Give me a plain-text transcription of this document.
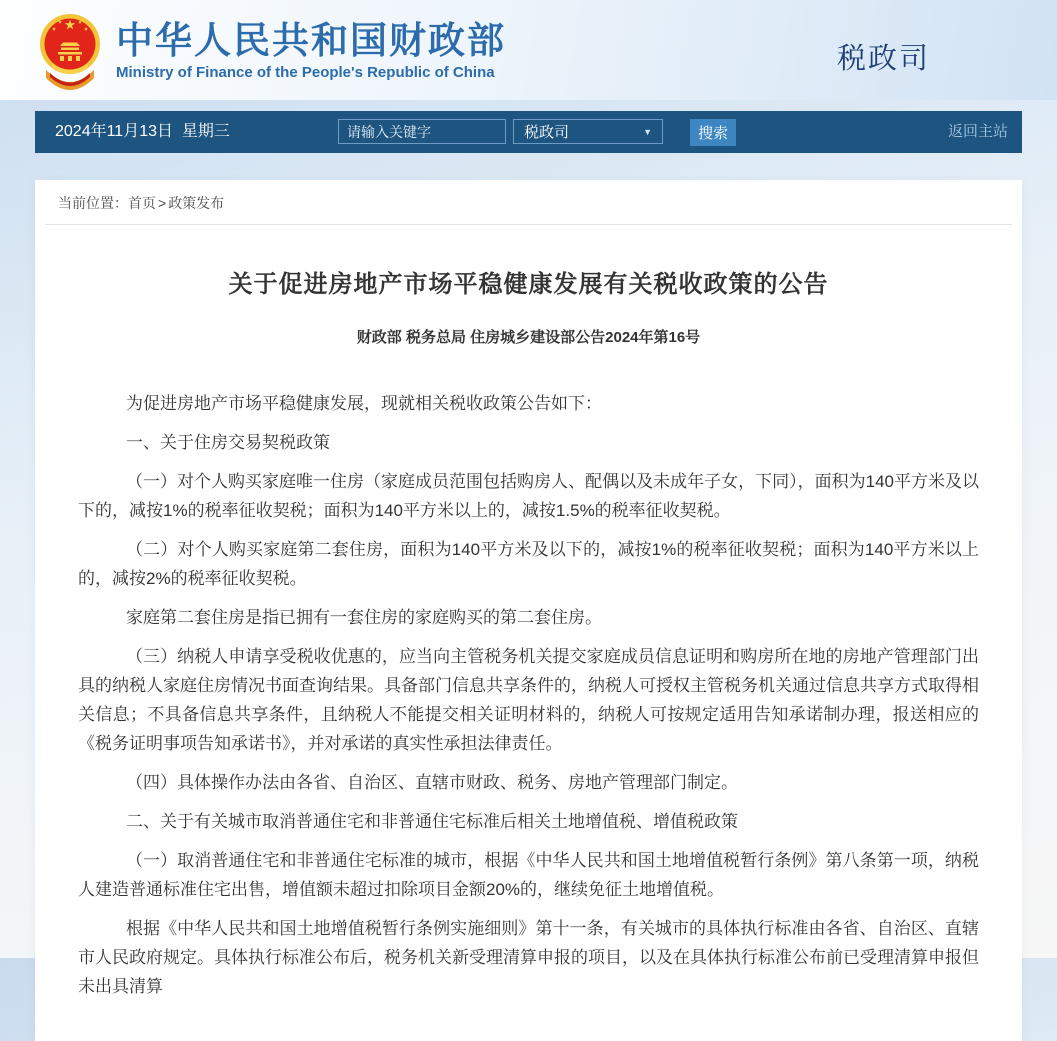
中华人民共和国财政部
Ministry of Finance of the People's Republic of China	税政司
2024年11月13日  星期三
请输入关键字	税政司	▼	搜索	返回主站
当前位置：首页 > 政策发布
关于促进房地产市场平稳健康发展有关税收政策的公告
财政部 税务总局 住房城乡建设部公告2024年第16号

为促进房地产市场平稳健康发展，现就相关税收政策公告如下：

一、关于住房交易契税政策

（一）对个人购买家庭唯一住房（家庭成员范围包括购房人、配偶以及未成年子女，下同），面积为140平方米及以下的，减按1%的税率征收契税；面积为140平方米以上的，减按1.5%的税率征收契税。

（二）对个人购买家庭第二套住房，面积为140平方米及以下的，减按1%的税率征收契税；面积为140平方米以上的，减按2%的税率征收契税。

家庭第二套住房是指已拥有一套住房的家庭购买的第二套住房。

（三）纳税人申请享受税收优惠的，应当向主管税务机关提交家庭成员信息证明和购房所在地的房地产管理部门出具的纳税人家庭住房情况书面查询结果。具备部门信息共享条件的，纳税人可授权主管税务机关通过信息共享方式取得相关信息；不具备信息共享条件，且纳税人不能提交相关证明材料的，纳税人可按规定适用告知承诺制办理，报送相应的《税务证明事项告知承诺书》，并对承诺的真实性承担法律责任。

（四）具体操作办法由各省、自治区、直辖市财政、税务、房地产管理部门制定。

二、关于有关城市取消普通住宅和非普通住宅标准后相关土地增值税、增值税政策

（一）取消普通住宅和非普通住宅标准的城市，根据《中华人民共和国土地增值税暂行条例》第八条第一项，纳税人建造普通标准住宅出售，增值额未超过扣除项目金额20%的，继续免征土地增值税。

根据《中华人民共和国土地增值税暂行条例实施细则》第十一条，有关城市的具体执行标准由各省、自治区、直辖市人民政府规定。具体执行标准公布后，税务机关新受理清算申报的项目，以及在具体执行标准公布前已受理清算申报但未出具清算
